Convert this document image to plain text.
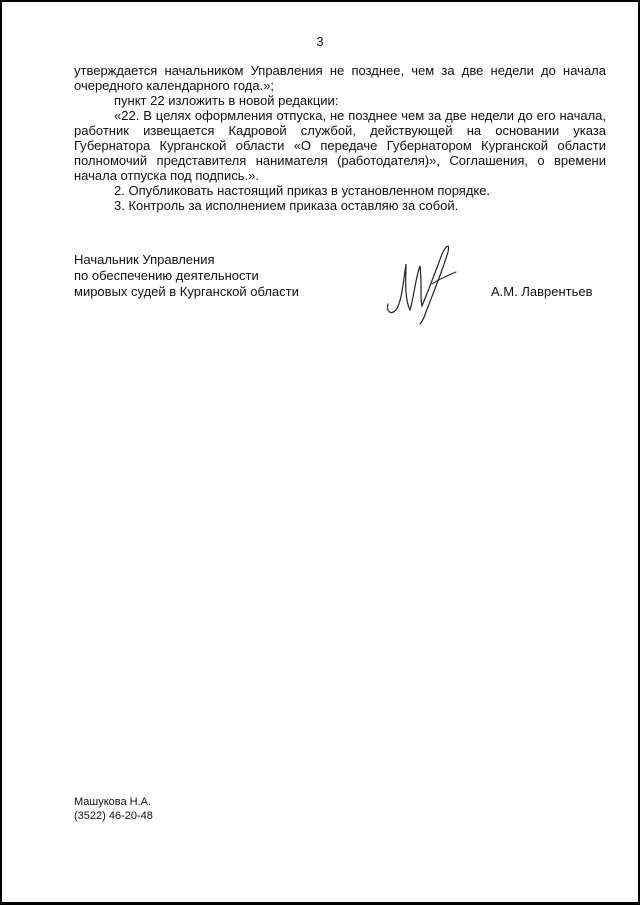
3
утверждается начальником Управления не позднее, чем за две недели до начала
очередного календарного года.»;
пункт 22 изложить в новой редакции:
«22. В целях оформления отпуска, не позднее чем за две недели до его начала,
работник извещается Кадровой службой, действующей на основании указа
Губернатора Курганской области «О передаче Губернатором Курганской области
полномочий представителя нанимателя (работодателя)», Соглашения, о времени
начала отпуска под подпись.».
2. Опубликовать настоящий приказ в установленном порядке.
3. Контроль за исполнением приказа оставляю за собой.
Начальник Управления
по обеспечению деятельности
мировых судей в Курганской области	А.М. Лаврентьев
Машукова Н.А.
(3522) 46-20-48
